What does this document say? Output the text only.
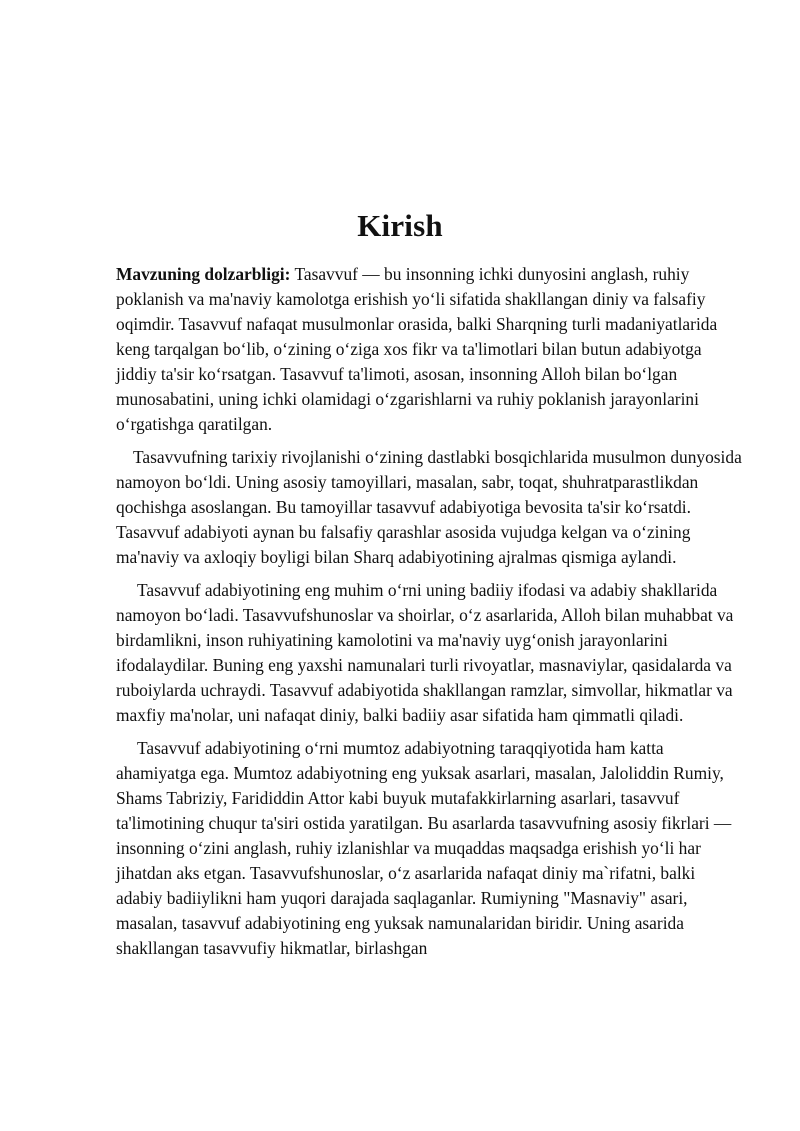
Kirish

Mavzuning dolzarbligi: Tasavvuf — bu insonning ichki dunyosini anglash, ruhiy poklanish va ma'naviy kamolotga erishish yo‘li sifatida shakllangan diniy va falsafiy oqimdir. Tasavvuf nafaqat musulmonlar orasida, balki Sharqning turli madaniyatlarida keng tarqalgan bo‘lib, o‘zining o‘ziga xos fikr va ta'limotlari bilan butun adabiyotga jiddiy ta'sir ko‘rsatgan. Tasavvuf ta'limoti, asosan, insonning Alloh bilan bo‘lgan munosabatini, uning ichki olamidagi o‘zgarishlarni va ruhiy poklanish jarayonlarini o‘rgatishga qaratilgan.

Tasavvufning tarixiy rivojlanishi o‘zining dastlabki bosqichlarida musulmon dunyosida namoyon bo‘ldi. Uning asosiy tamoyillari, masalan, sabr, toqat, shuhratparastlikdan qochishga asoslangan. Bu tamoyillar tasavvuf adabiyotiga bevosita ta'sir ko‘rsatdi. Tasavvuf adabiyoti aynan bu falsafiy qarashlar asosida vujudga kelgan va o‘zining ma'naviy va axloqiy boyligi bilan Sharq adabiyotining ajralmas qismiga aylandi.

Tasavvuf adabiyotining eng muhim o‘rni uning badiiy ifodasi va adabiy shakllarida namoyon bo‘ladi. Tasavvufshunoslar va shoirlar, o‘z asarlarida, Alloh bilan muhabbat va birdamlikni, inson ruhiyatining kamolotini va ma'naviy uyg‘onish jarayonlarini ifodalaydilar. Buning eng yaxshi namunalari turli rivoyatlar, masnaviylar, qasidalarda va ruboiylarda uchraydi. Tasavvuf adabiyotida shakllangan ramzlar, simvollar, hikmatlar va maxfiy ma'nolar, uni nafaqat diniy, balki badiiy asar sifatida ham qimmatli qiladi.

Tasavvuf adabiyotining o‘rni mumtoz adabiyotning taraqqiyotida ham katta ahamiyatga ega. Mumtoz adabiyotning eng yuksak asarlari, masalan, Jaloliddin Rumiy, Shams Tabriziy, Farididdin Attor kabi buyuk mutafakkirlarning asarlari, tasavvuf ta'limotining chuqur ta'siri ostida yaratilgan. Bu asarlarda tasavvufning asosiy fikrlari — insonning o‘zini anglash, ruhiy izlanishlar va muqaddas maqsadga erishish yo‘li har jihatdan aks etgan. Tasavvufshunoslar, o‘z asarlarida nafaqat diniy ma`rifatni, balki adabiy badiiylikni ham yuqori darajada saqlaganlar. Rumiyning "Masnaviy" asari, masalan, tasavvuf adabiyotining eng yuksak namunalaridan biridir. Uning asarida shakllangan tasavvufiy hikmatlar, birlashgan
